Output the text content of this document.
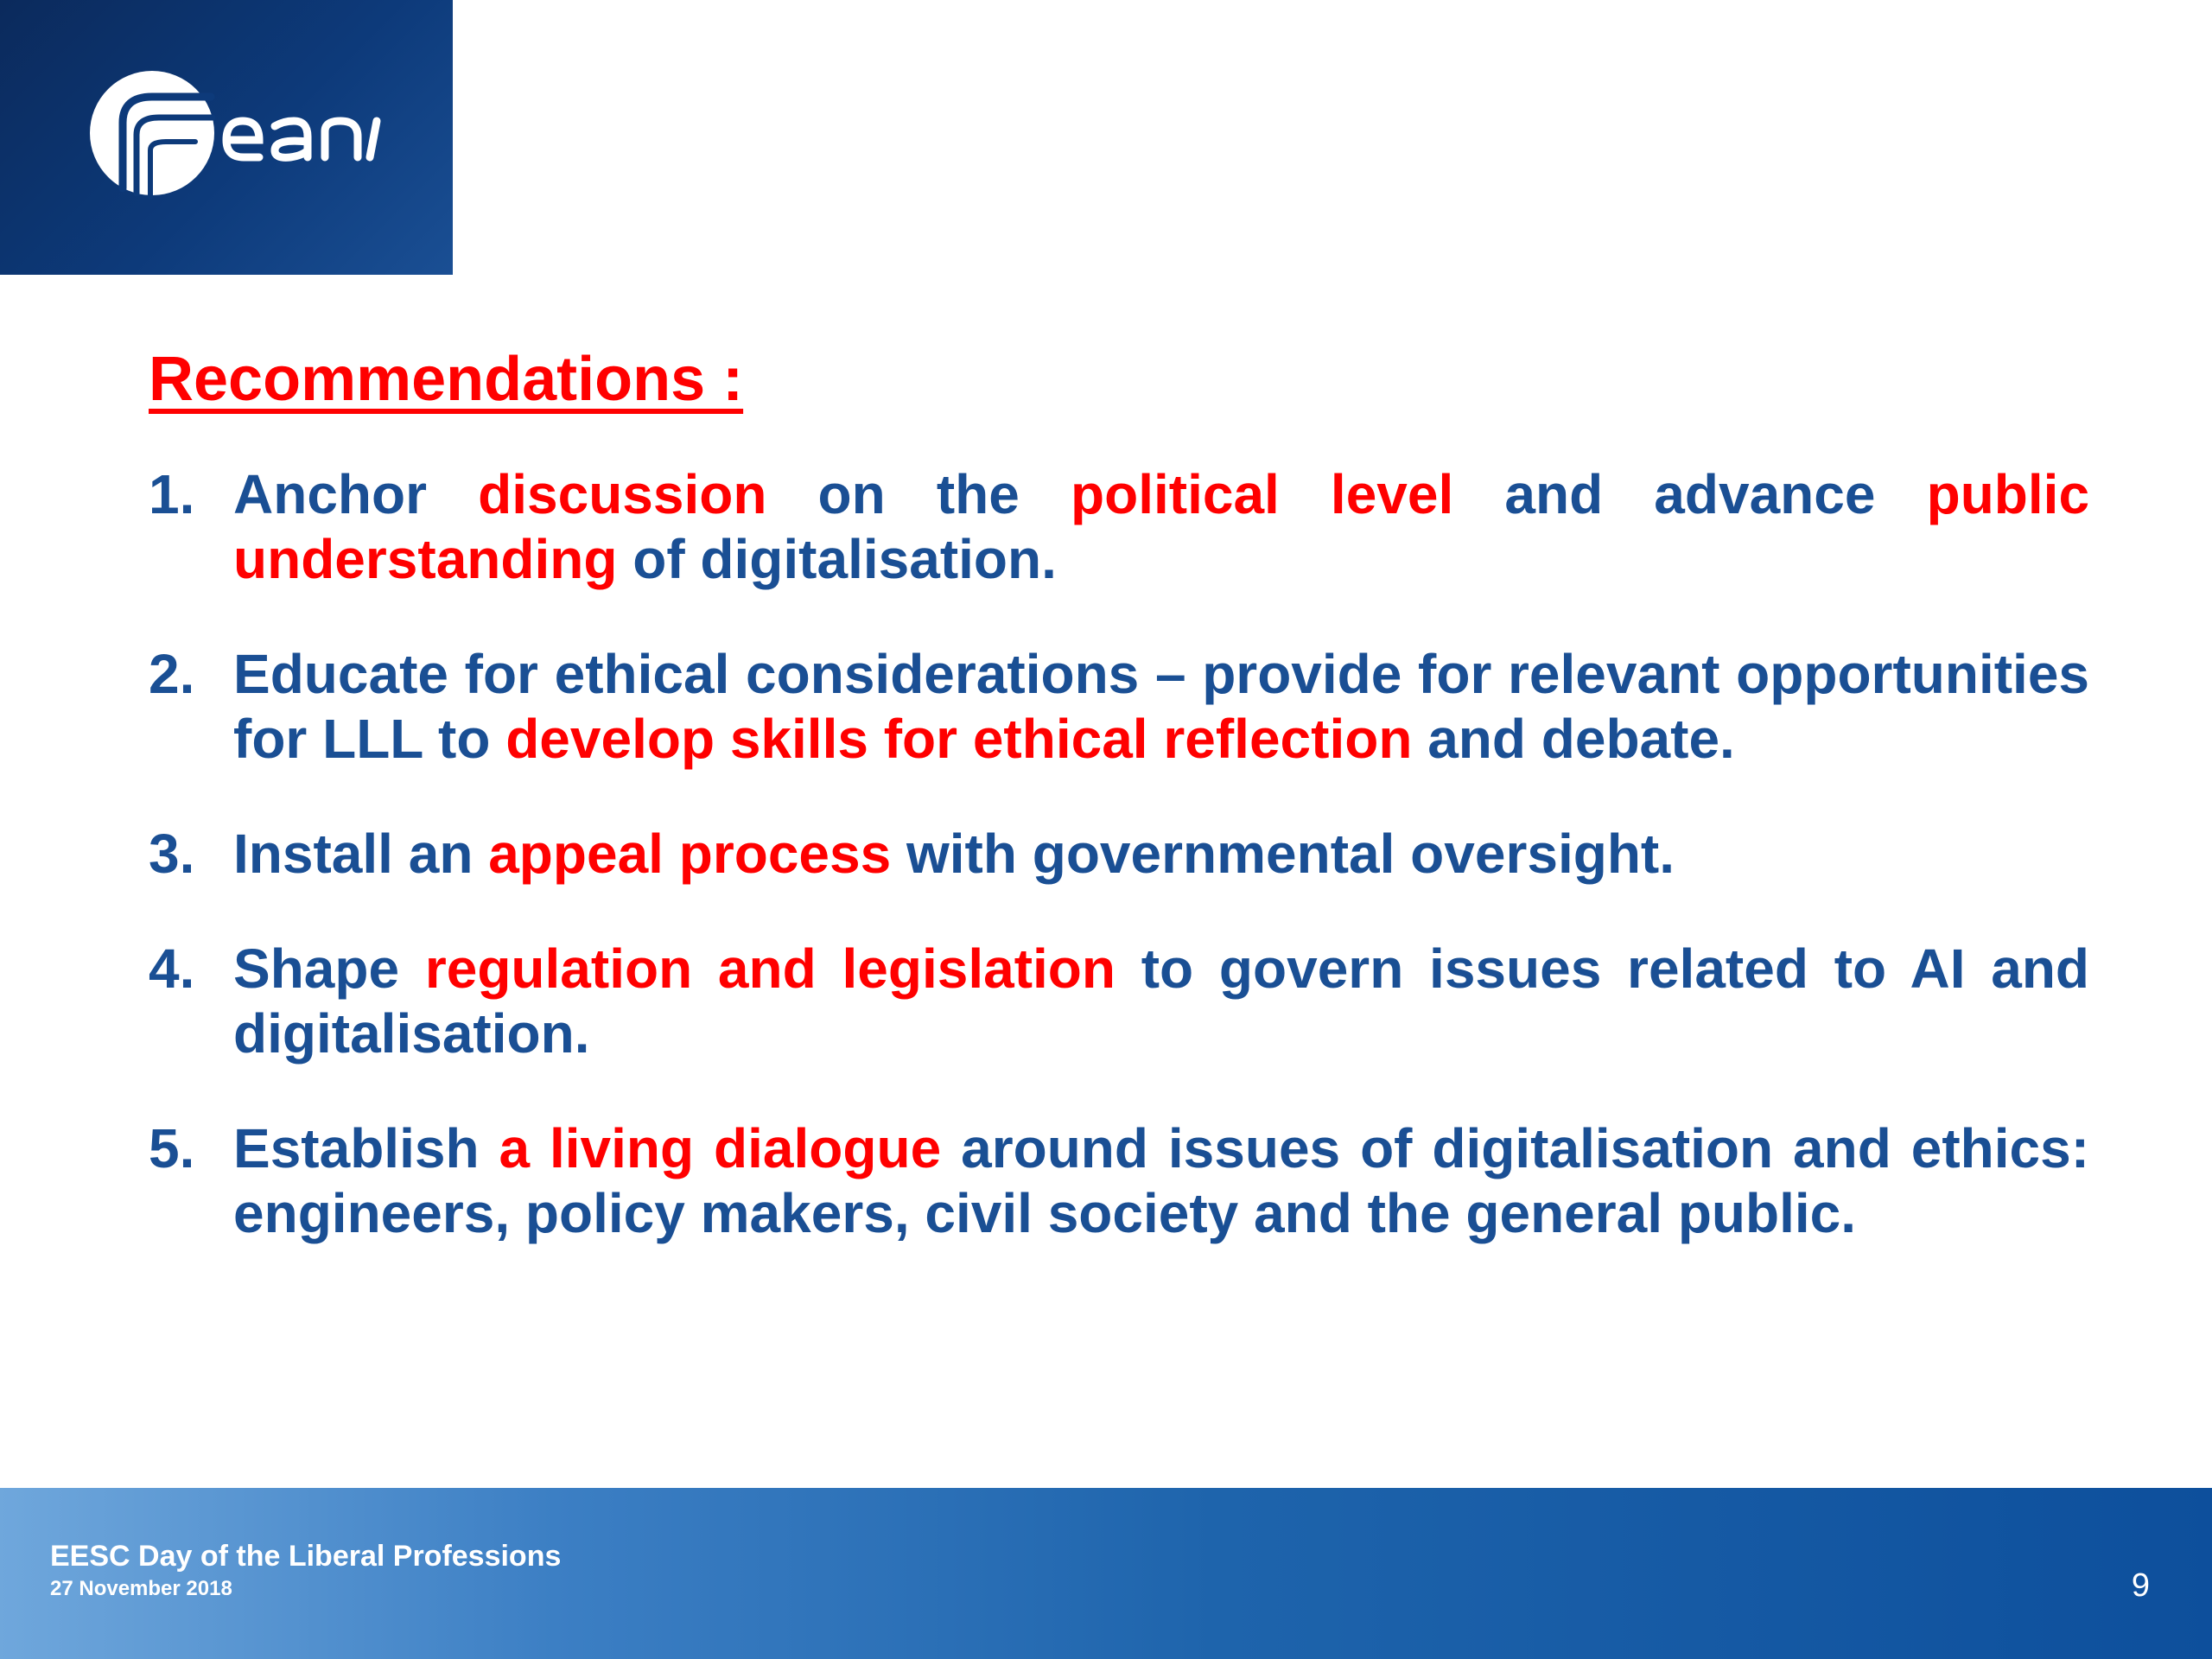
Recommendations :
1. Anchor discussion on the political level and advance public understanding of digitalisation.
2. Educate for ethical considerations – provide for relevant opportunities for LLL to develop skills for ethical reflection and debate.
3. Install an appeal process with governmental oversight.
4. Shape regulation and legislation to govern issues related to AI and digitalisation.
5. Establish a living dialogue around issues of digitalisation and ethics: engineers, policy makers, civil society and the general public.
EESC Day of the Liberal Professions
27 November 2018	9
